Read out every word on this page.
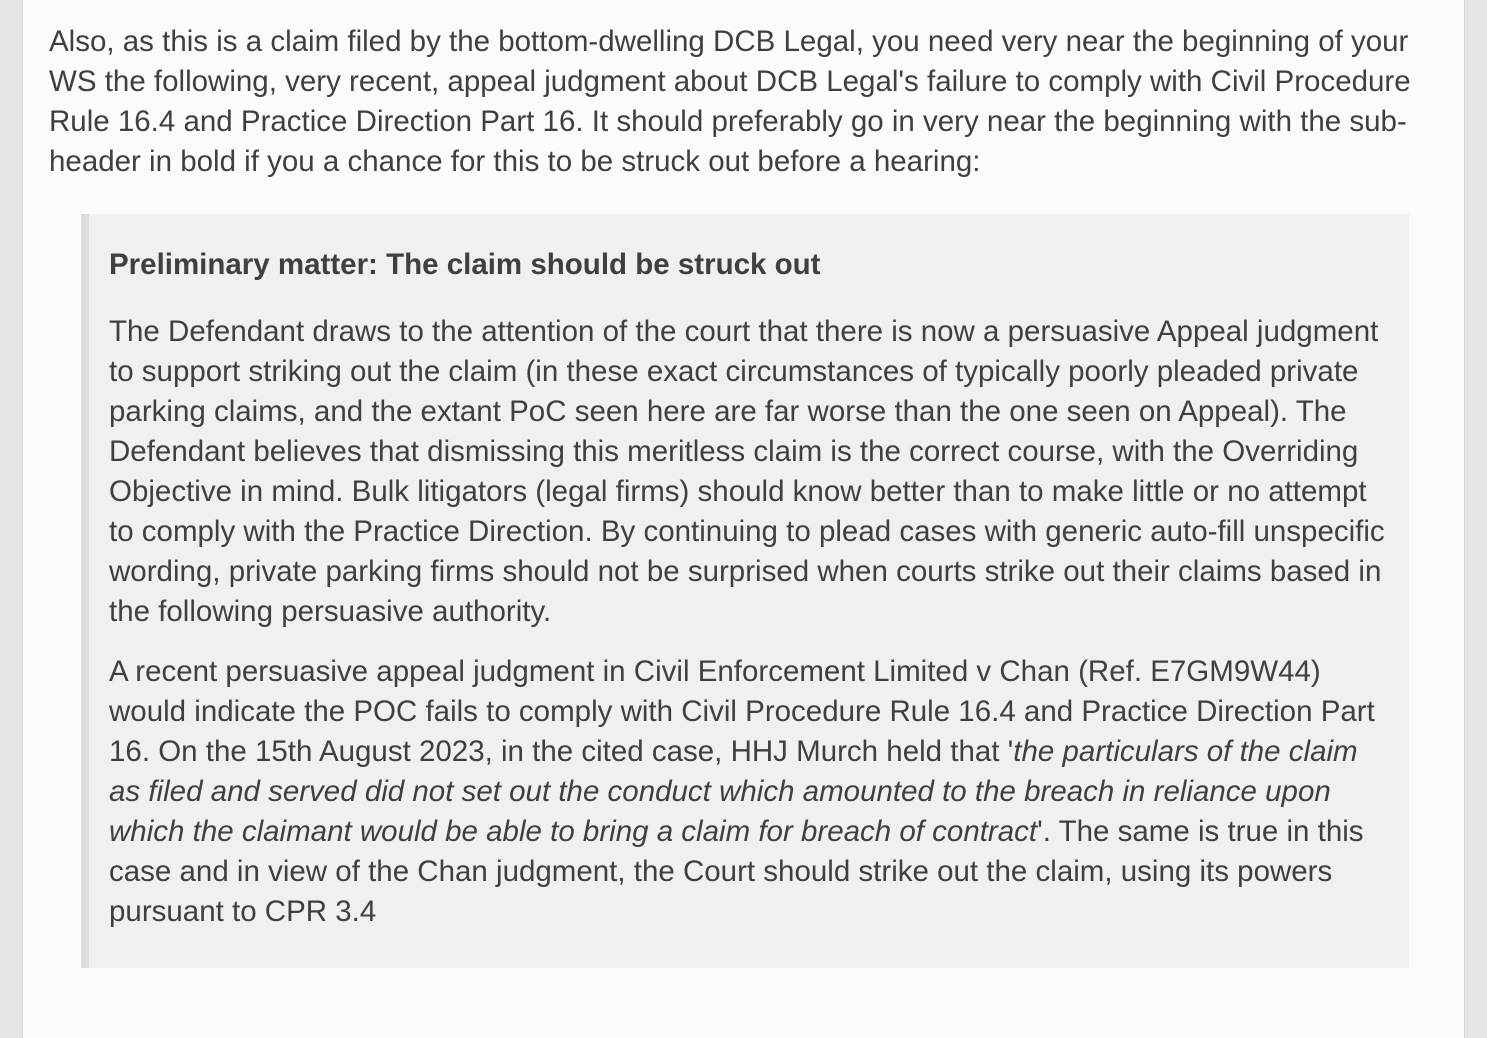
Also, as this is a claim filed by the bottom-dwelling DCB Legal, you need very near the beginning of your WS the following, very recent, appeal judgment about DCB Legal's failure to comply with Civil Procedure Rule 16.4 and Practice Direction Part 16. It should preferably go in very near the beginning with the sub-header in bold if you a chance for this to be struck out before a hearing:

Preliminary matter: The claim should be struck out

The Defendant draws to the attention of the court that there is now a persuasive Appeal judgment to support striking out the claim (in these exact circumstances of typically poorly pleaded private parking claims, and the extant PoC seen here are far worse than the one seen on Appeal). The Defendant believes that dismissing this meritless claim is the correct course, with the Overriding Objective in mind. Bulk litigators (legal firms) should know better than to make little or no attempt to comply with the Practice Direction. By continuing to plead cases with generic auto-fill unspecific wording, private parking firms should not be surprised when courts strike out their claims based in the following persuasive authority.

A recent persuasive appeal judgment in Civil Enforcement Limited v Chan (Ref. E7GM9W44) would indicate the POC fails to comply with Civil Procedure Rule 16.4 and Practice Direction Part 16. On the 15th August 2023, in the cited case, HHJ Murch held that 'the particulars of the claim as filed and served did not set out the conduct which amounted to the breach in reliance upon which the claimant would be able to bring a claim for breach of contract'. The same is true in this case and in view of the Chan judgment, the Court should strike out the claim, using its powers pursuant to CPR 3.4
